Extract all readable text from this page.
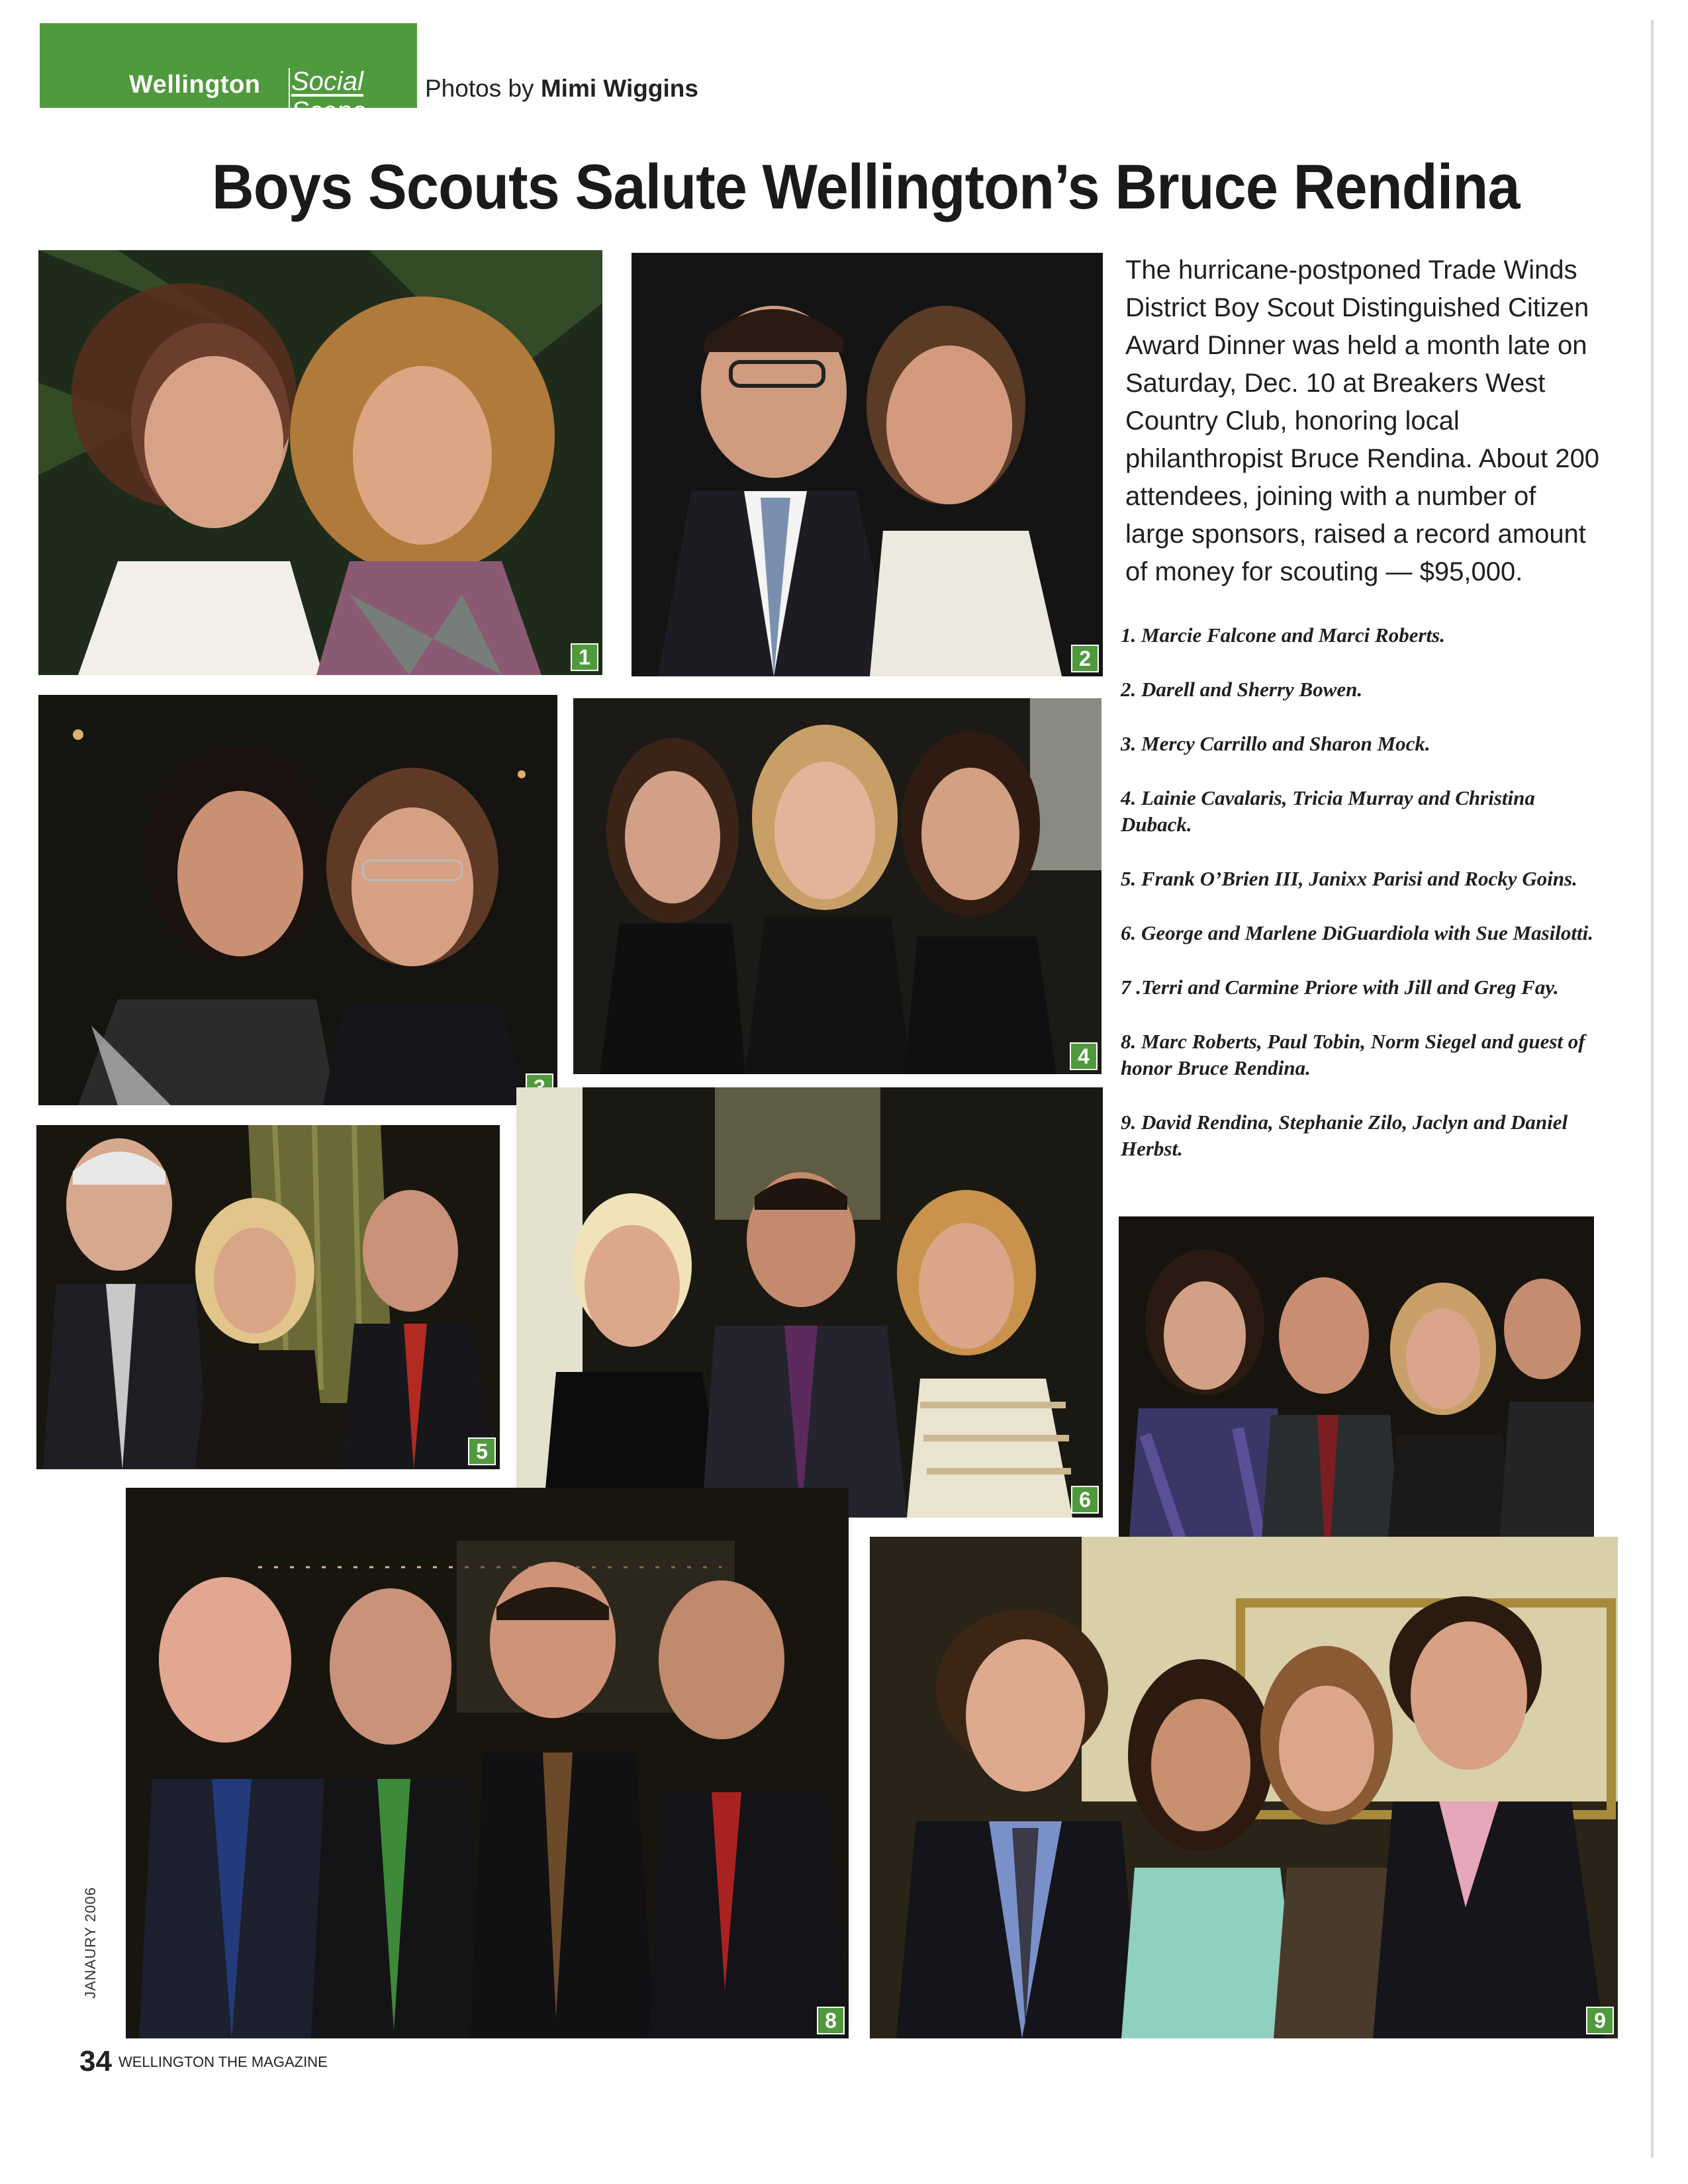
Wellington Social Scene
Photos by Mimi Wiggins
Boys Scouts Salute Wellington’s Bruce Rendina
1	2
4
5
6
8	9
The hurricane-postponed Trade Winds District Boy Scout Distinguished Citizen Award Dinner was held a month late on Saturday, Dec. 10 at Breakers West Country Club, honoring local philanthropist Bruce Rendina. About 200 attendees, joining with a number of large sponsors, raised a record amount of money for scouting — $95,000.
1. Marcie Falcone and Marci Roberts.
2. Darell and Sherry Bowen.
3. Mercy Carrillo and Sharon Mock.
4. Lainie Cavalaris, Tricia Murray and Christina Duback.
5. Frank O’Brien III, Janixx Parisi and Rocky Goins.
6. George and Marlene DiGuardiola with Sue Masilotti.
7 .Terri and Carmine Priore with Jill and Greg Fay.
8. Marc Roberts, Paul Tobin, Norm Siegel and guest of honor Bruce Rendina.
9. David Rendina, Stephanie Zilo, Jaclyn and Daniel Herbst.
JANAURY 2006
34 WELLINGTON THE MAGAZINE
